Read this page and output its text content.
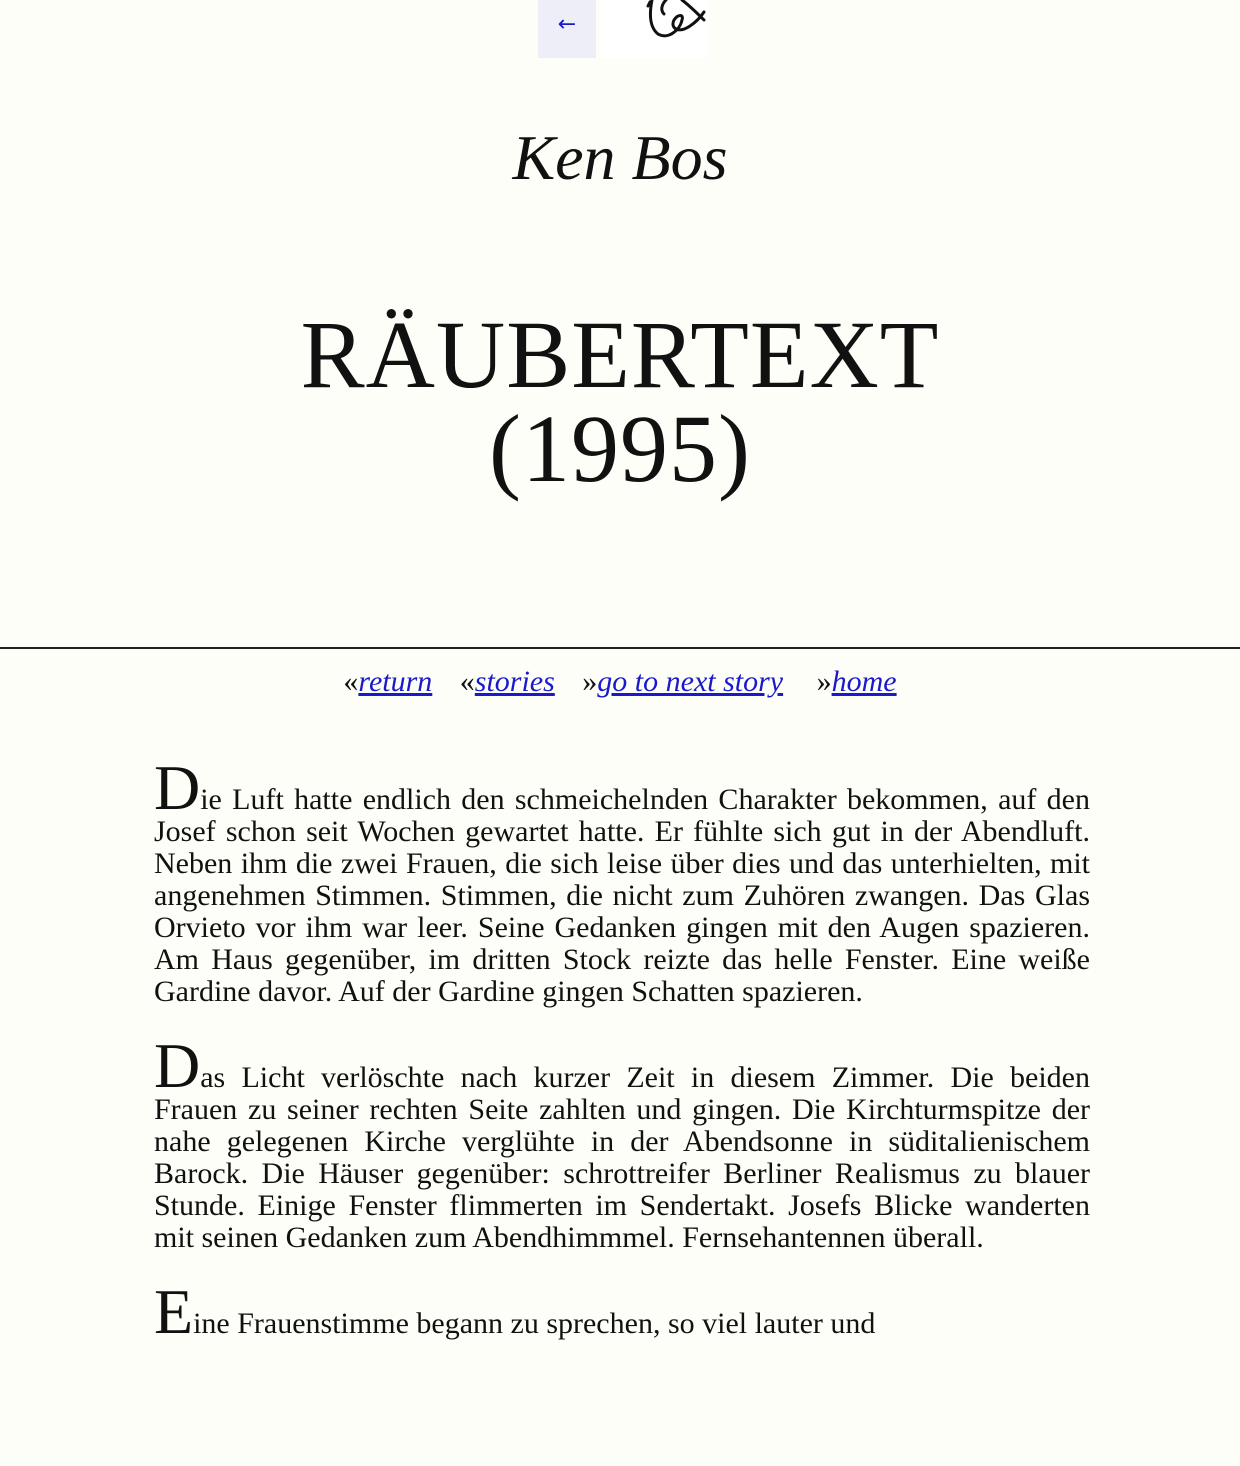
←
Ken Bos
RÄUBERTEXT
(1995)
«return «stories »go to next story »home

Die Luft hatte endlich den schmeichelnden Charakter bekommen, auf den Josef schon seit Wochen gewartet hatte. Er fühlte sich gut in der Abendluft. Neben ihm die zwei Frauen, die sich leise über dies und das unterhielten, mit angenehmen Stimmen. Stimmen, die nicht zum Zuhören zwangen. Das Glas Orvieto vor ihm war leer. Seine Gedanken gingen mit den Augen spazieren. Am Haus gegenüber, im dritten Stock reizte das helle Fenster. Eine weiße Gardine davor. Auf der Gardine gingen Schatten spazieren.

Das Licht verlöschte nach kurzer Zeit in diesem Zimmer. Die beiden Frauen zu seiner rechten Seite zahlten und gingen. Die Kirchturmspitze der nahe gelegenen Kirche verglühte in der Abendsonne in süditalienischem Barock. Die Häuser gegenüber: schrottreifer Berliner Realismus zu blauer Stunde. Einige Fenster flimmerten im Sendertakt. Josefs Blicke wanderten mit seinen Gedanken zum Abendhimmmel. Fernsehantennen überall.

Eine Frauenstimme begann zu sprechen, so viel lauter und
